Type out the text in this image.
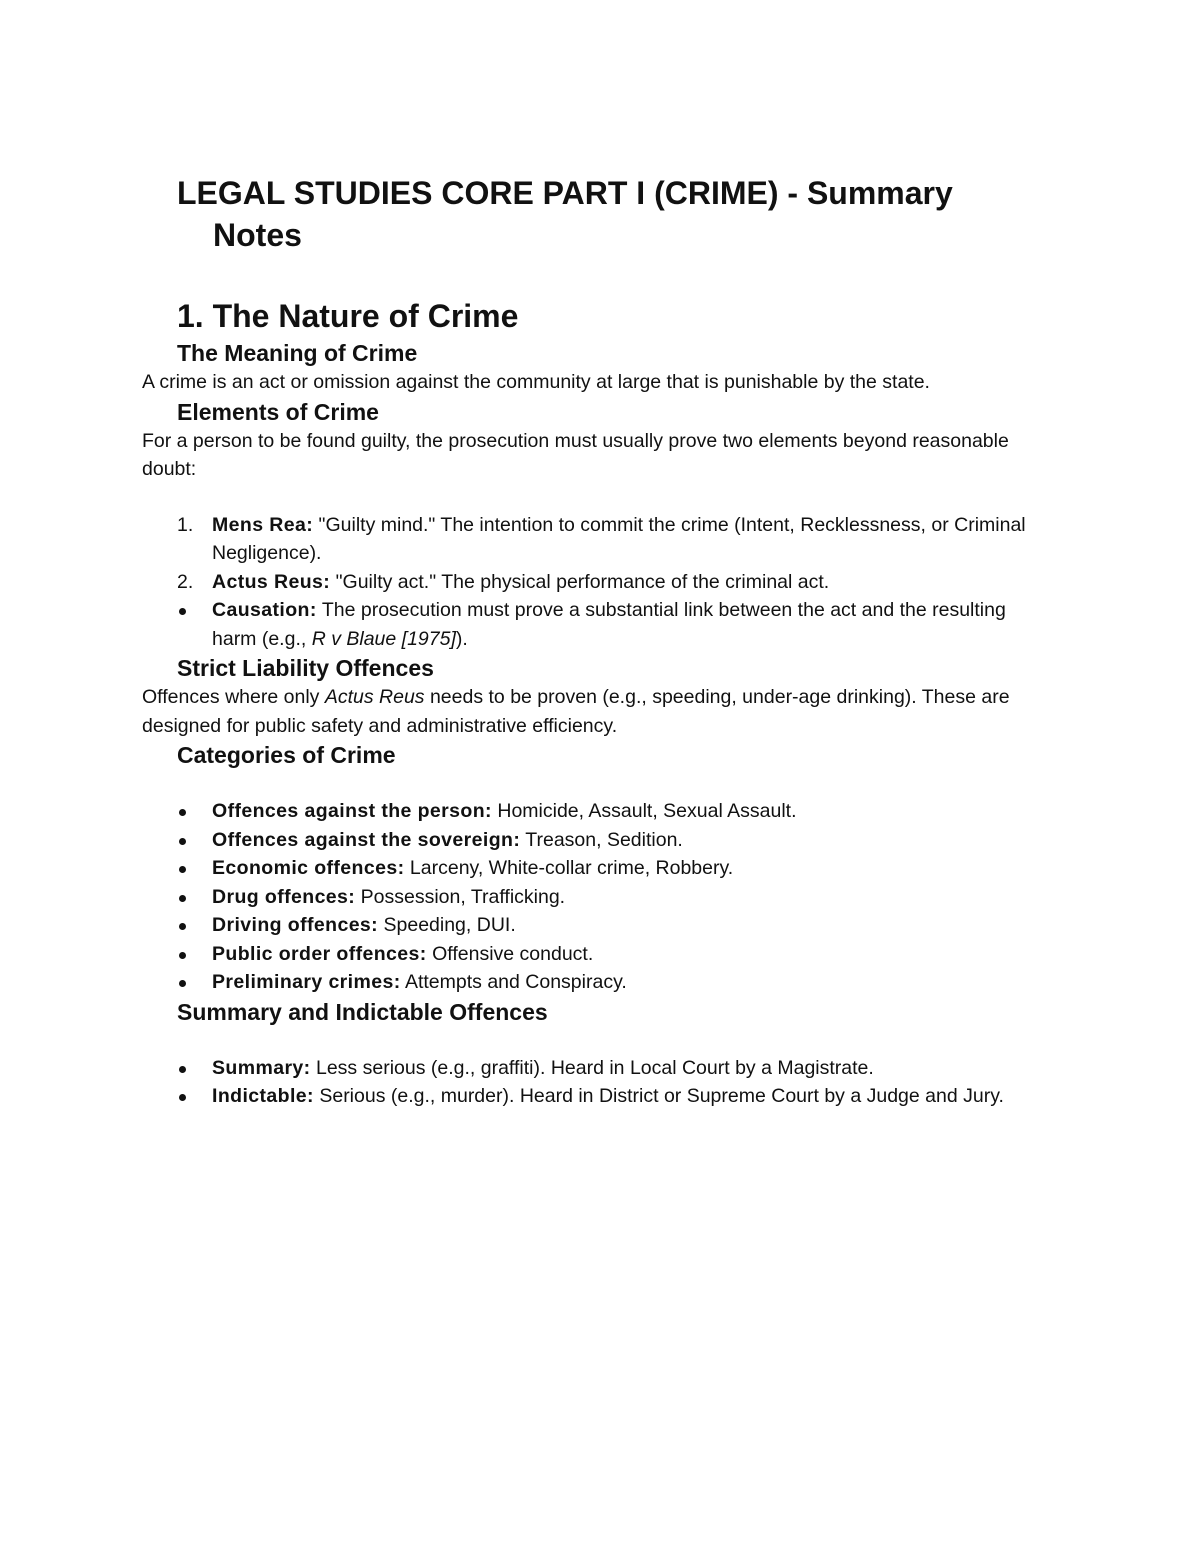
LEGAL STUDIES CORE PART I (CRIME) - Summary Notes
1. The Nature of Crime
The Meaning of Crime

A crime is an act or omission against the community at large that is punishable by the state.

Elements of Crime

For a person to be found guilty, the prosecution must usually prove two elements beyond reasonable doubt:

1. Mens Rea: "Guilty mind." The intention to commit the crime (Intent, Recklessness, or Criminal Negligence).
2. Actus Reus: "Guilty act." The physical performance of the criminal act.
Causation: The prosecution must prove a substantial link between the act and the resulting harm (e.g., R v Blaue [1975]).
Strict Liability Offences

Offences where only Actus Reus needs to be proven (e.g., speeding, under-age drinking). These are designed for public safety and administrative efficiency.

Categories of Crime
Offences against the person: Homicide, Assault, Sexual Assault.
Offences against the sovereign: Treason, Sedition.
Economic offences: Larceny, White-collar crime, Robbery.
Drug offences: Possession, Trafficking.
Driving offences: Speeding, DUI.
Public order offences: Offensive conduct.
Preliminary crimes: Attempts and Conspiracy.
Summary and Indictable Offences
Summary: Less serious (e.g., graffiti). Heard in Local Court by a Magistrate.
Indictable: Serious (e.g., murder). Heard in District or Supreme Court by a Judge and Jury.
